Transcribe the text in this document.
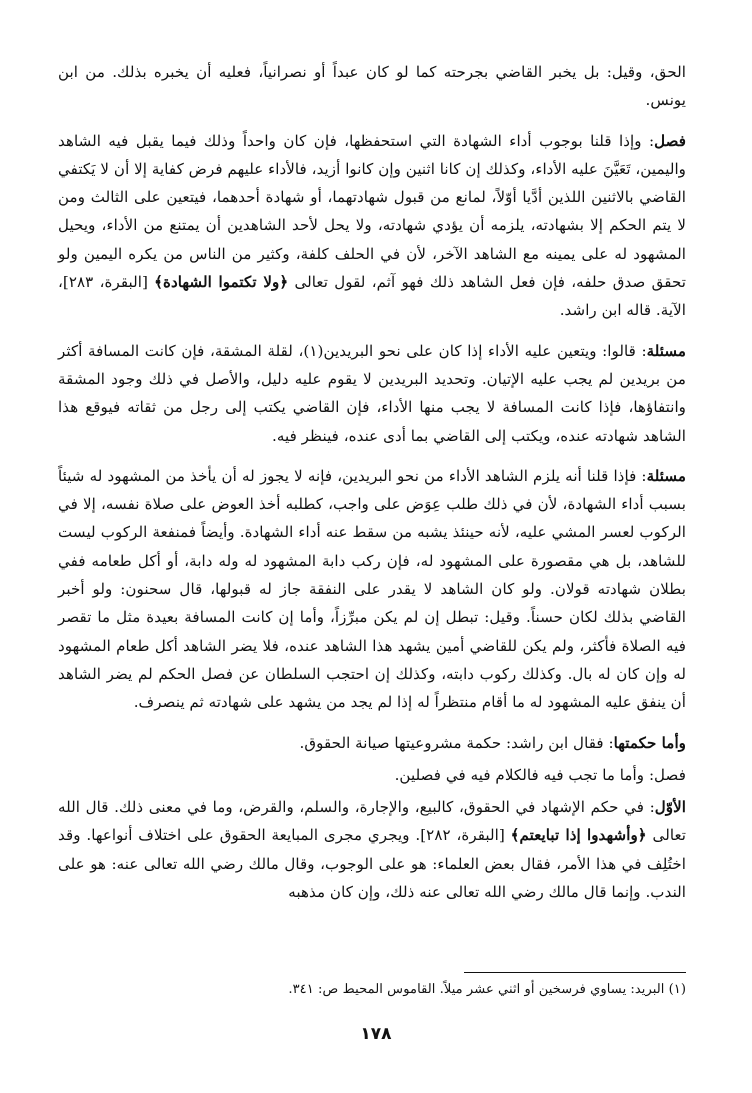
الحق، وقيل: بل يخبر القاضي بجرحته كما لو كان عبداً أو نصرانياً، فعليه أن يخبره بذلك. من ابن يونس.

فصل: وإذا قلنا بوجوب أداء الشهادة التي استحفظها، فإن كان واحداً وذلك فيما يقبل فيه الشاهد واليمين، تَعَيَّنَ عليه الأداء، وكذلك إن كانا اثنين وإن كانوا أزيد، فالأداء عليهم فرض كفاية إلا أن لا يَكتفي القاضي بالاثنين اللذين أدَّيا أوّلاً، لمانع من قبول شهادتهما، أو شهادة أحدهما، فيتعين على الثالث ومن لا يتم الحكم إلا بشهادته، يلزمه أن يؤدي شهادته، ولا يحل لأحد الشاهدين أن يمتنع من الأداء، ويحيل المشهود له على يمينه مع الشاهد الآخر، لأن في الحلف كلفة، وكثير من الناس من يكره اليمين ولو تحقق صدق حلفه، فإن فعل الشاهد ذلك فهو آثم، لقول تعالى ﴿ولا تكتموا الشهادة﴾ [البقرة، ٢٨٣]، الآية. قاله ابن راشد.

مسئلة: قالوا: ويتعين عليه الأداء إذا كان على نحو البريدين(١)، لقلة المشقة، فإن كانت المسافة أكثر من بريدين لم يجب عليه الإتيان. وتحديد البريدين لا يقوم عليه دليل، والأصل في ذلك وجود المشقة وانتفاؤها، فإذا كانت المسافة لا يجب منها الأداء، فإن القاضي يكتب إلى رجل من ثقاته فيوقع هذا الشاهد شهادته عنده، ويكتب إلى القاضي بما أدى عنده، فينظر فيه.

مسئلة: فإذا قلنا أنه يلزم الشاهد الأداء من نحو البريدين، فإنه لا يجوز له أن يأخذ من المشهود له شيئاً بسبب أداء الشهادة، لأن في ذلك طلب عِوَض على واجب، كطلبه أخذ العوض على صلاة نفسه، إلا في الركوب لعسر المشي عليه، لأنه حينئذ يشبه من سقط عنه أداء الشهادة. وأيضاً فمنفعة الركوب ليست للشاهد، بل هي مقصورة على المشهود له، فإن ركب دابة المشهود له وله دابة، أو أكل طعامه ففي بطلان شهادته قولان. ولو كان الشاهد لا يقدر على النفقة جاز له قبولها، قال سحنون: ولو أخبر القاضي بذلك لكان حسناً. وقيل: تبطل إن لم يكن مبرِّزاً، وأما إن كانت المسافة بعيدة مثل ما تقصر فيه الصلاة فأكثر، ولم يكن للقاضي أمين يشهد هذا الشاهد عنده، فلا يضر الشاهد أكل طعام المشهود له وإن كان له بال. وكذلك ركوب دابته، وكذلك إن احتجب السلطان عن فصل الحكم لم يضر الشاهد أن ينفق عليه المشهود له ما أقام منتظراً له إذا لم يجد من يشهد على شهادته ثم ينصرف.

وأما حكمتها: فقال ابن راشد: حكمة مشروعيتها صيانة الحقوق.

فصل: وأما ما تجب فيه فالكلام فيه في فصلين.

الأوّل: في حكم الإشهاد في الحقوق، كالبيع، والإجارة، والسلم، والقرض، وما في معنى ذلك. قال الله تعالى ﴿وأشهدوا إذا تبايعتم﴾ [البقرة، ٢٨٢]. ويجري مجرى المبايعة الحقوق على اختلاف أنواعها. وقد اختُلِف في هذا الأمر، فقال بعض العلماء: هو على الوجوب، وقال مالك رضي الله تعالى عنه: هو على الندب. وإنما قال مالك رضي الله تعالى عنه ذلك، وإن كان مذهبه

(١) البريد: يساوي فرسخين أو اثني عشر ميلاً. القاموس المحيط ص: ٣٤١.
١٧٨
